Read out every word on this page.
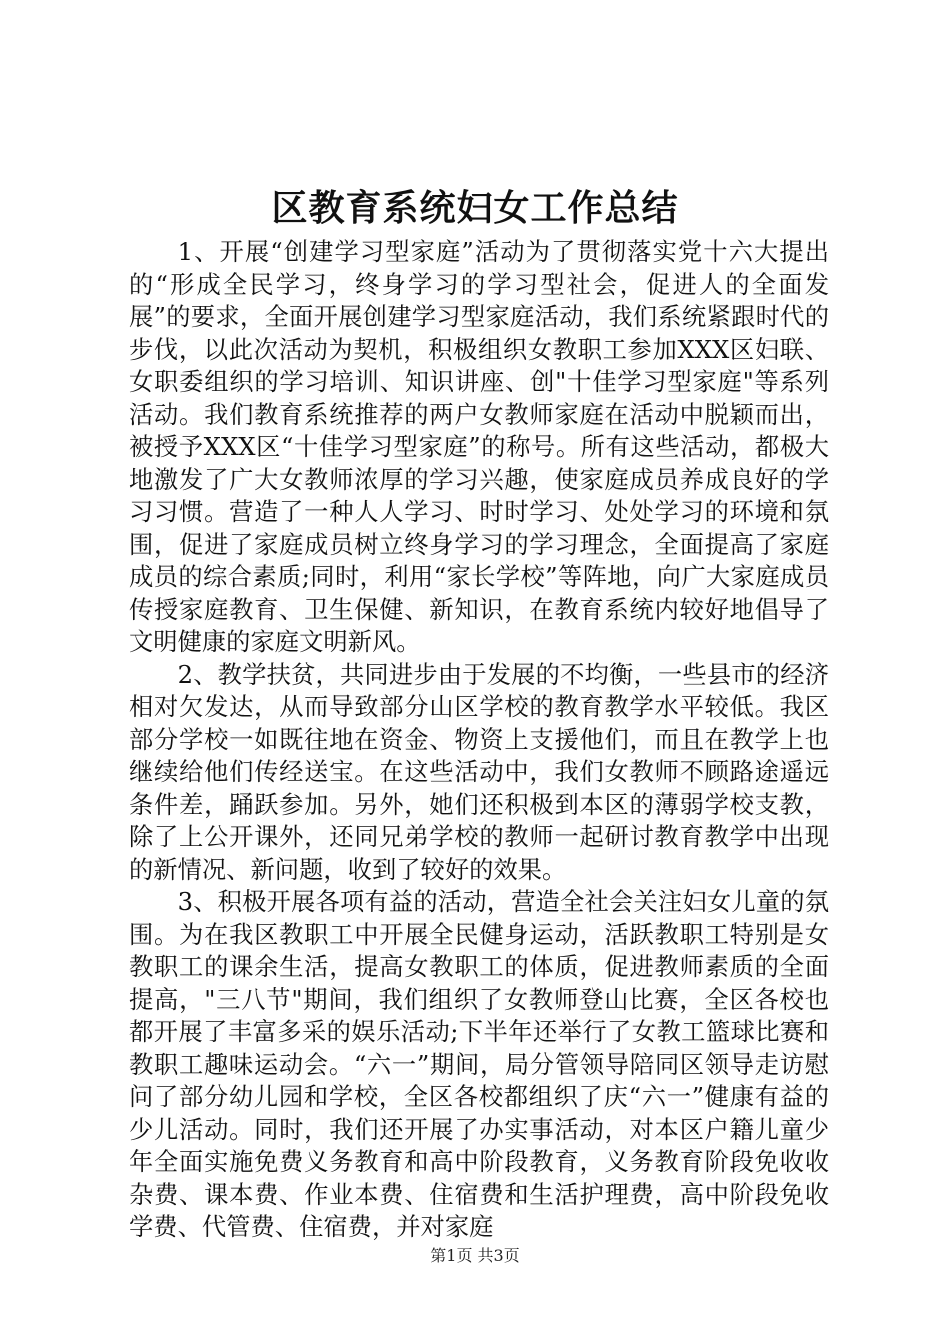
区教育系统妇女工作总结

1、开展“创建学习型家庭”活动为了贯彻落实党十六大提出的“形成全民学习，终身学习的学习型社会，促进人的全面发展”的要求，全面开展创建学习型家庭活动，我们系统紧跟时代的步伐，以此次活动为契机，积极组织女教职工参加XXX区妇联、女职委组织的学习培训、知识讲座、创"十佳学习型家庭"等系列活动。我们教育系统推荐的两户女教师家庭在活动中脱颖而出，被授予XXX区“十佳学习型家庭”的称号。所有这些活动，都极大地激发了广大女教师浓厚的学习兴趣，使家庭成员养成良好的学习习惯。营造了一种人人学习、时时学习、处处学习的环境和氛围，促进了家庭成员树立终身学习的学习理念，全面提高了家庭成员的综合素质;同时，利用“家长学校”等阵地，向广大家庭成员传授家庭教育、卫生保健、新知识，在教育系统内较好地倡导了文明健康的家庭文明新风。

2、教学扶贫，共同进步由于发展的不均衡，一些县市的经济相对欠发达，从而导致部分山区学校的教育教学水平较低。我区部分学校一如既往地在资金、物资上支援他们，而且在教学上也继续给他们传经送宝。在这些活动中，我们女教师不顾路途遥远条件差，踊跃参加。另外，她们还积极到本区的薄弱学校支教，除了上公开课外，还同兄弟学校的教师一起研讨教育教学中出现的新情况、新问题，收到了较好的效果。

3、积极开展各项有益的活动，营造全社会关注妇女儿童的氛围。为在我区教职工中开展全民健身运动，活跃教职工特别是女教职工的课余生活，提高女教职工的体质，促进教师素质的全面提高，"三八节"期间，我们组织了女教师登山比赛，全区各校也都开展了丰富多采的娱乐活动;下半年还举行了女教工篮球比赛和教职工趣味运动会。“六一”期间，局分管领导陪同区领导走访慰问了部分幼儿园和学校，全区各校都组织了庆“六一”健康有益的少儿活动。同时，我们还开展了办实事活动，对本区户籍儿童少年全面实施免费义务教育和高中阶段教育，义务教育阶段免收收杂费、课本费、作业本费、住宿费和生活护理费，高中阶段免收学费、代管费、住宿费，并对家庭

第1页 共3页
